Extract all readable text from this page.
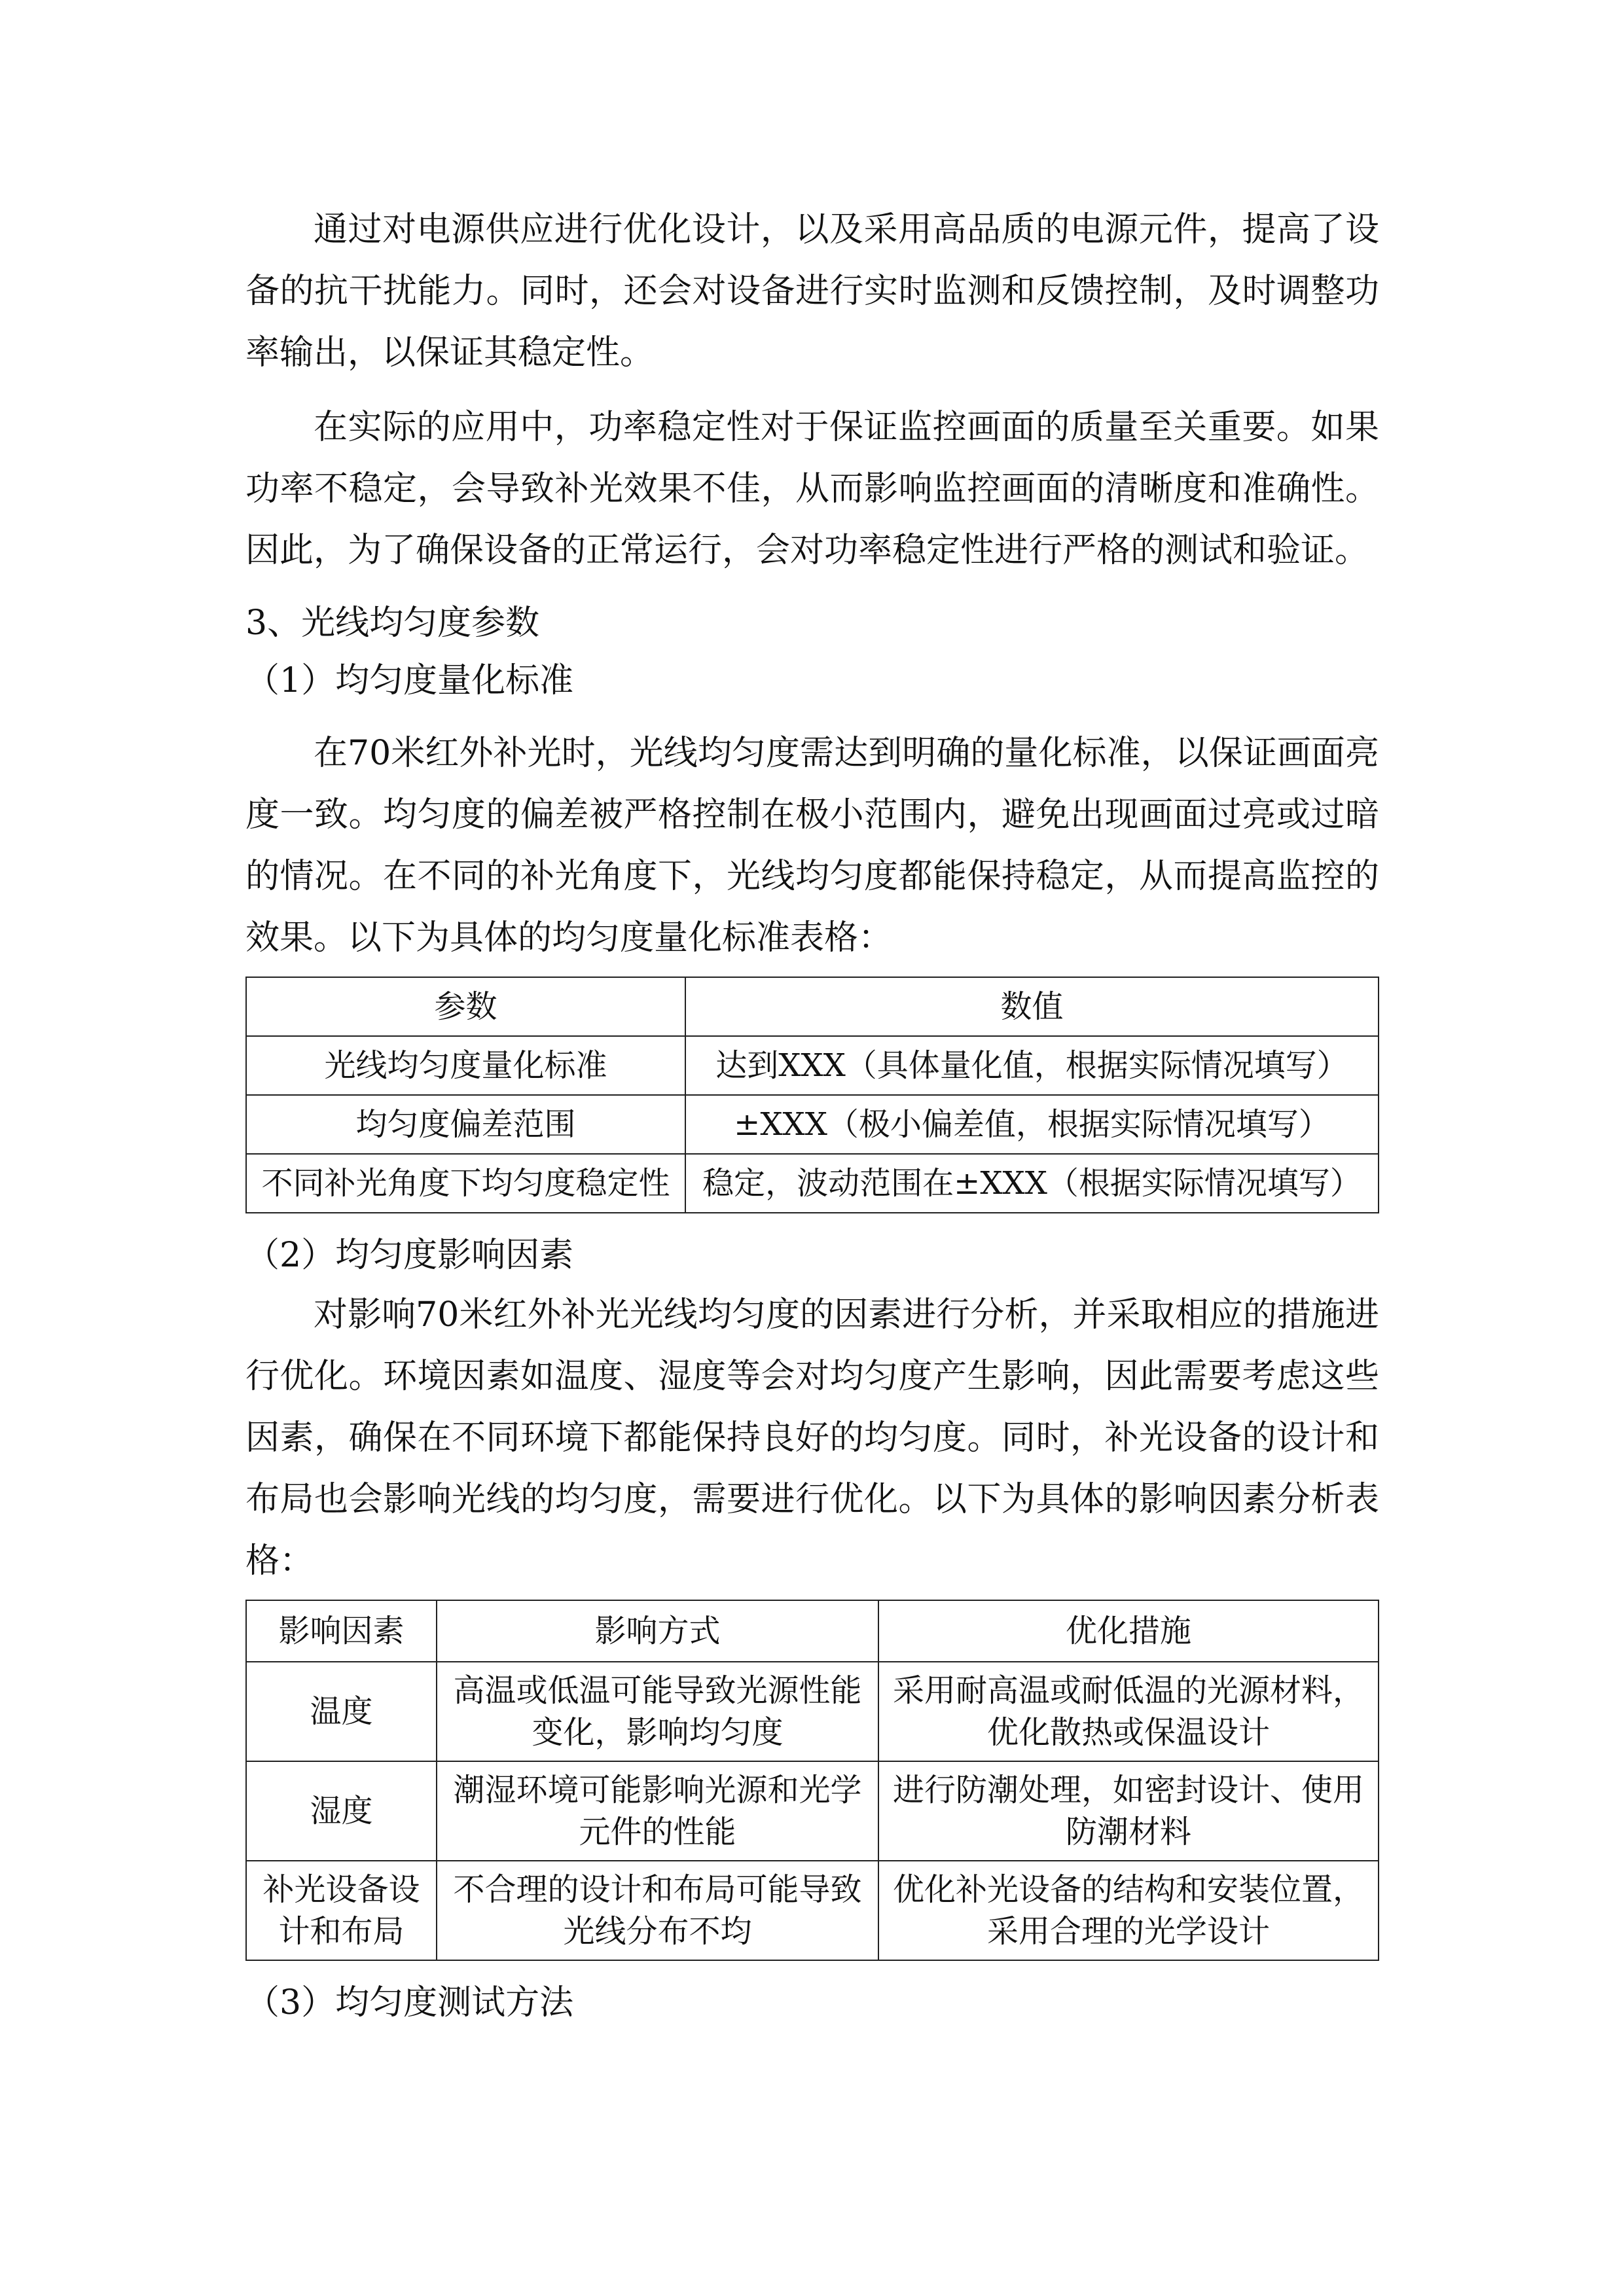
通过对电源供应进行优化设计，以及采用高品质的电源元件，提高了设备的抗干扰能力。同时，还会对设备进行实时监测和反馈控制，及时调整功率输出，以保证其稳定性。

在实际的应用中，功率稳定性对于保证监控画面的质量至关重要。如果功率不稳定，会导致补光效果不佳，从而影响监控画面的清晰度和准确性。因此，为了确保设备的正常运行，会对功率稳定性进行严格的测试和验证。

3、光线均匀度参数
（1）均匀度量化标准

在70米红外补光时，光线均匀度需达到明确的量化标准，以保证画面亮度一致。均匀度的偏差被严格控制在极小范围内，避免出现画面过亮或过暗的情况。在不同的补光角度下，光线均匀度都能保持稳定，从而提高监控的效果。以下为具体的均匀度量化标准表格：

参数	数值
光线均匀度量化标准	达到XXX（具体量化值，根据实际情况填写）
均匀度偏差范围	±XXX（极小偏差值，根据实际情况填写）
不同补光角度下均匀度稳定性	稳定，波动范围在±XXX（根据实际情况填写）
（2）均匀度影响因素

对影响70米红外补光光线均匀度的因素进行分析，并采取相应的措施进行优化。环境因素如温度、湿度等会对均匀度产生影响，因此需要考虑这些因素，确保在不同环境下都能保持良好的均匀度。同时，补光设备的设计和布局也会影响光线的均匀度，需要进行优化。以下为具体的影响因素分析表格：

影响因素	影响方式	优化措施
温度	高温或低温可能导致光源性能变化，影响均匀度	采用耐高温或耐低温的光源材料，优化散热或保温设计
湿度	潮湿环境可能影响光源和光学元件的性能	进行防潮处理，如密封设计、使用防潮材料
补光设备设计和布局	不合理的设计和布局可能导致光线分布不均	优化补光设备的结构和安装位置，采用合理的光学设计
（3）均匀度测试方法
